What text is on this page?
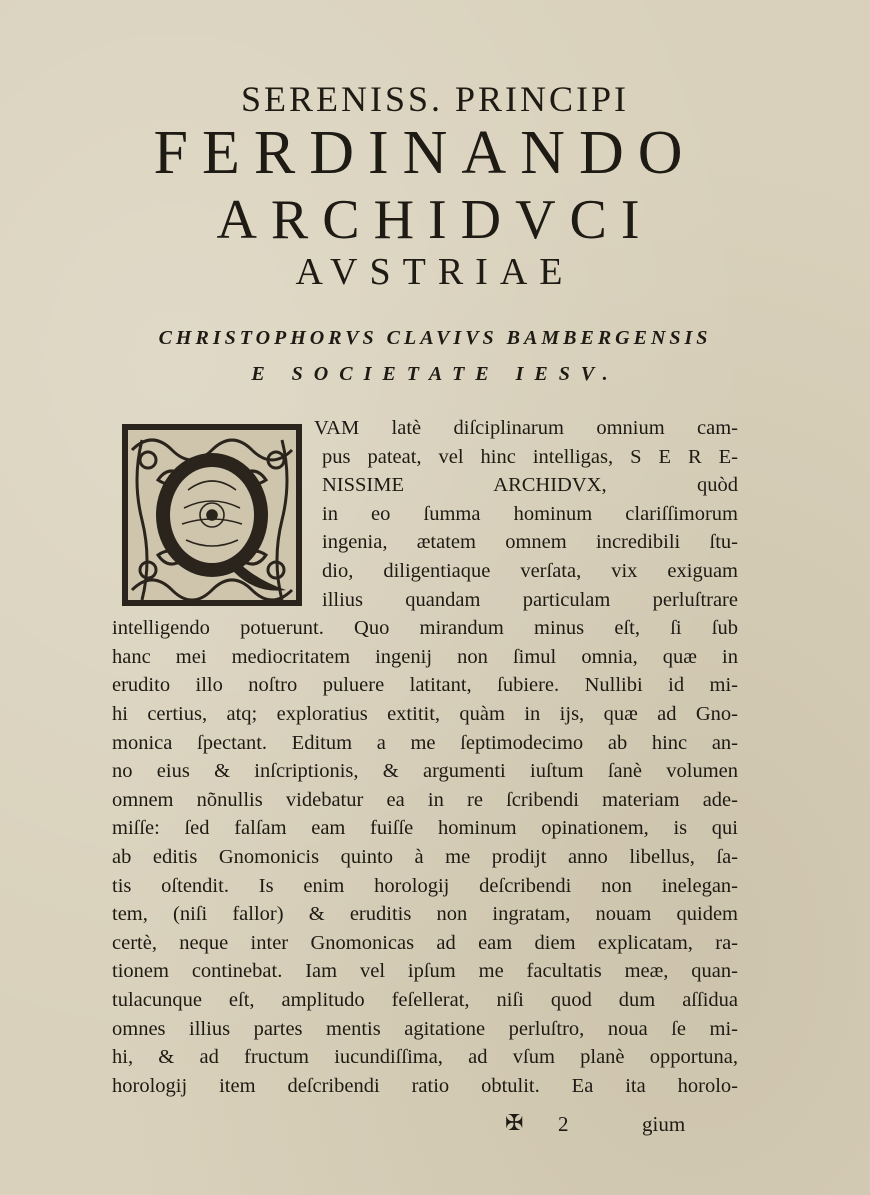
SERENISS. PRINCIPI
FERDINANDO
ARCHIDVCI
AVSTRIAE
CHRISTOPHORVS CLAVIVS BAMBERGENSIS
E SOCIETATE IESV.
VAM latè diſciplinarum omnium cam-
pus pateat, vel hinc intelligas, S E R E-
NISSIME ARCHIDVX, quòd
in eo ſumma hominum clariſſimorum
ingenia, ætatem omnem incredibili ſtu-
dio, diligentiaque verſata, vix exiguam
illius quandam particulam perluſtrare
intelligendo potuerunt. Quo mirandum minus eſt, ſi ſub
hanc mei mediocritatem ingenij non ſimul omnia, quæ in
erudito illo noſtro puluere latitant, ſubiere. Nullibi id mi-
hi certius, atq; exploratius extitit, quàm in ijs, quæ ad Gno-
monica ſpectant. Editum a me ſeptimodecimo ab hinc an-
no eius & inſcriptionis, & argumenti iuſtum ſanè volumen
omnem nõnullis videbatur ea in re ſcribendi materiam ade-
miſſe: ſed falſam eam fuiſſe hominum opinationem, is qui
ab editis Gnomonicis quinto à me prodijt anno libellus, ſa-
tis oſtendit. Is enim horologij deſcribendi non inelegan-
tem, (niſi fallor) & eruditis non ingratam, nouam quidem
certè, neque inter Gnomonicas ad eam diem explicatam, ra-
tionem continebat. Iam vel ipſum me facultatis meæ, quan-
tulacunque eſt, amplitudo feſellerat, niſi quod dum aſſidua
omnes illius partes mentis agitatione perluſtro, noua ſe mi-
hi, & ad fructum iucundiſſima, ad vſum planè opportuna,
horologij item deſcribendi ratio obtulit. Ea ita horolo-
✠ 2	gium
